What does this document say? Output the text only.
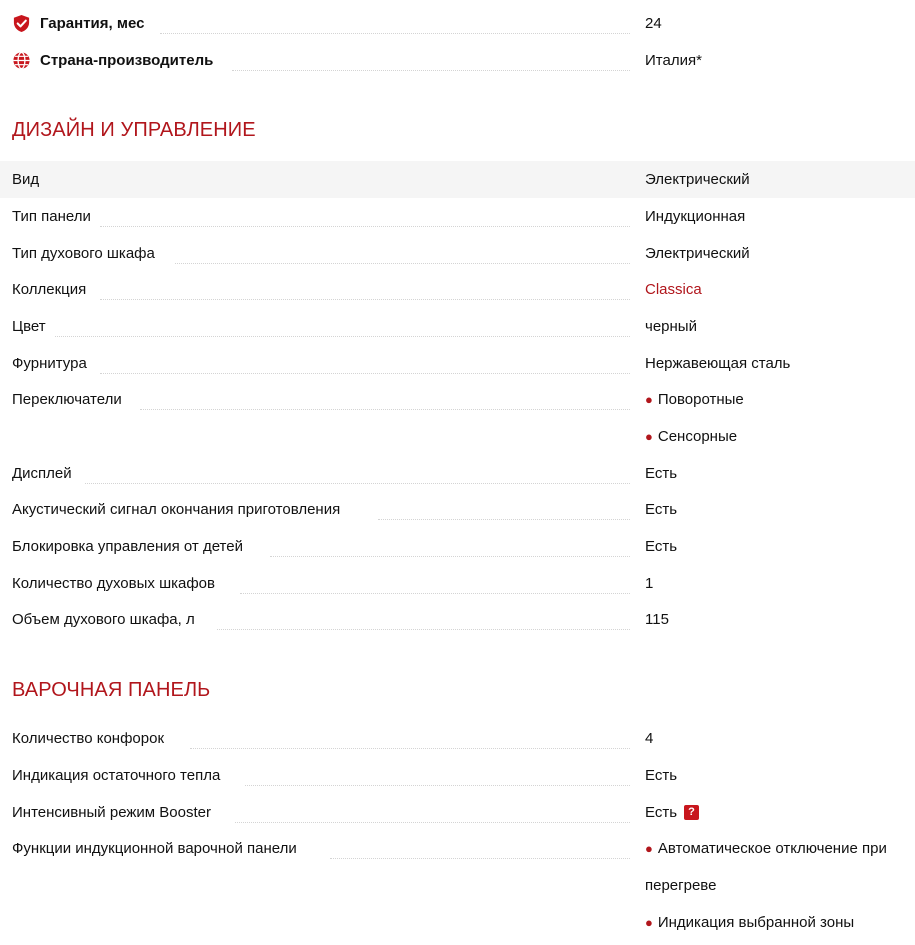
Гарантия, мес	24
Страна-производитель	Италия*
ДИЗАЙН И УПРАВЛЕНИЕ
Вид	Электрический
Тип панели	Индукционная
Тип духового шкафа	Электрический
Коллекция	Classica
Цвет	черный
Фурнитура	Нержавеющая сталь
Переключатели	● Поворотные
● Сенсорные
Дисплей	Есть
Акустический сигнал окончания приготовления	Есть
Блокировка управления от детей	Есть
Количество духовых шкафов	1
Объем духового шкафа, л	115
ВАРОЧНАЯ ПАНЕЛЬ
Количество конфорок	4
Индикация остаточного тепла	Есть
Интенсивный режим Booster	Есть ?
Функции индукционной варочной панели	● Автоматическое отключение при
перегреве
● Индикация выбранной зоны
